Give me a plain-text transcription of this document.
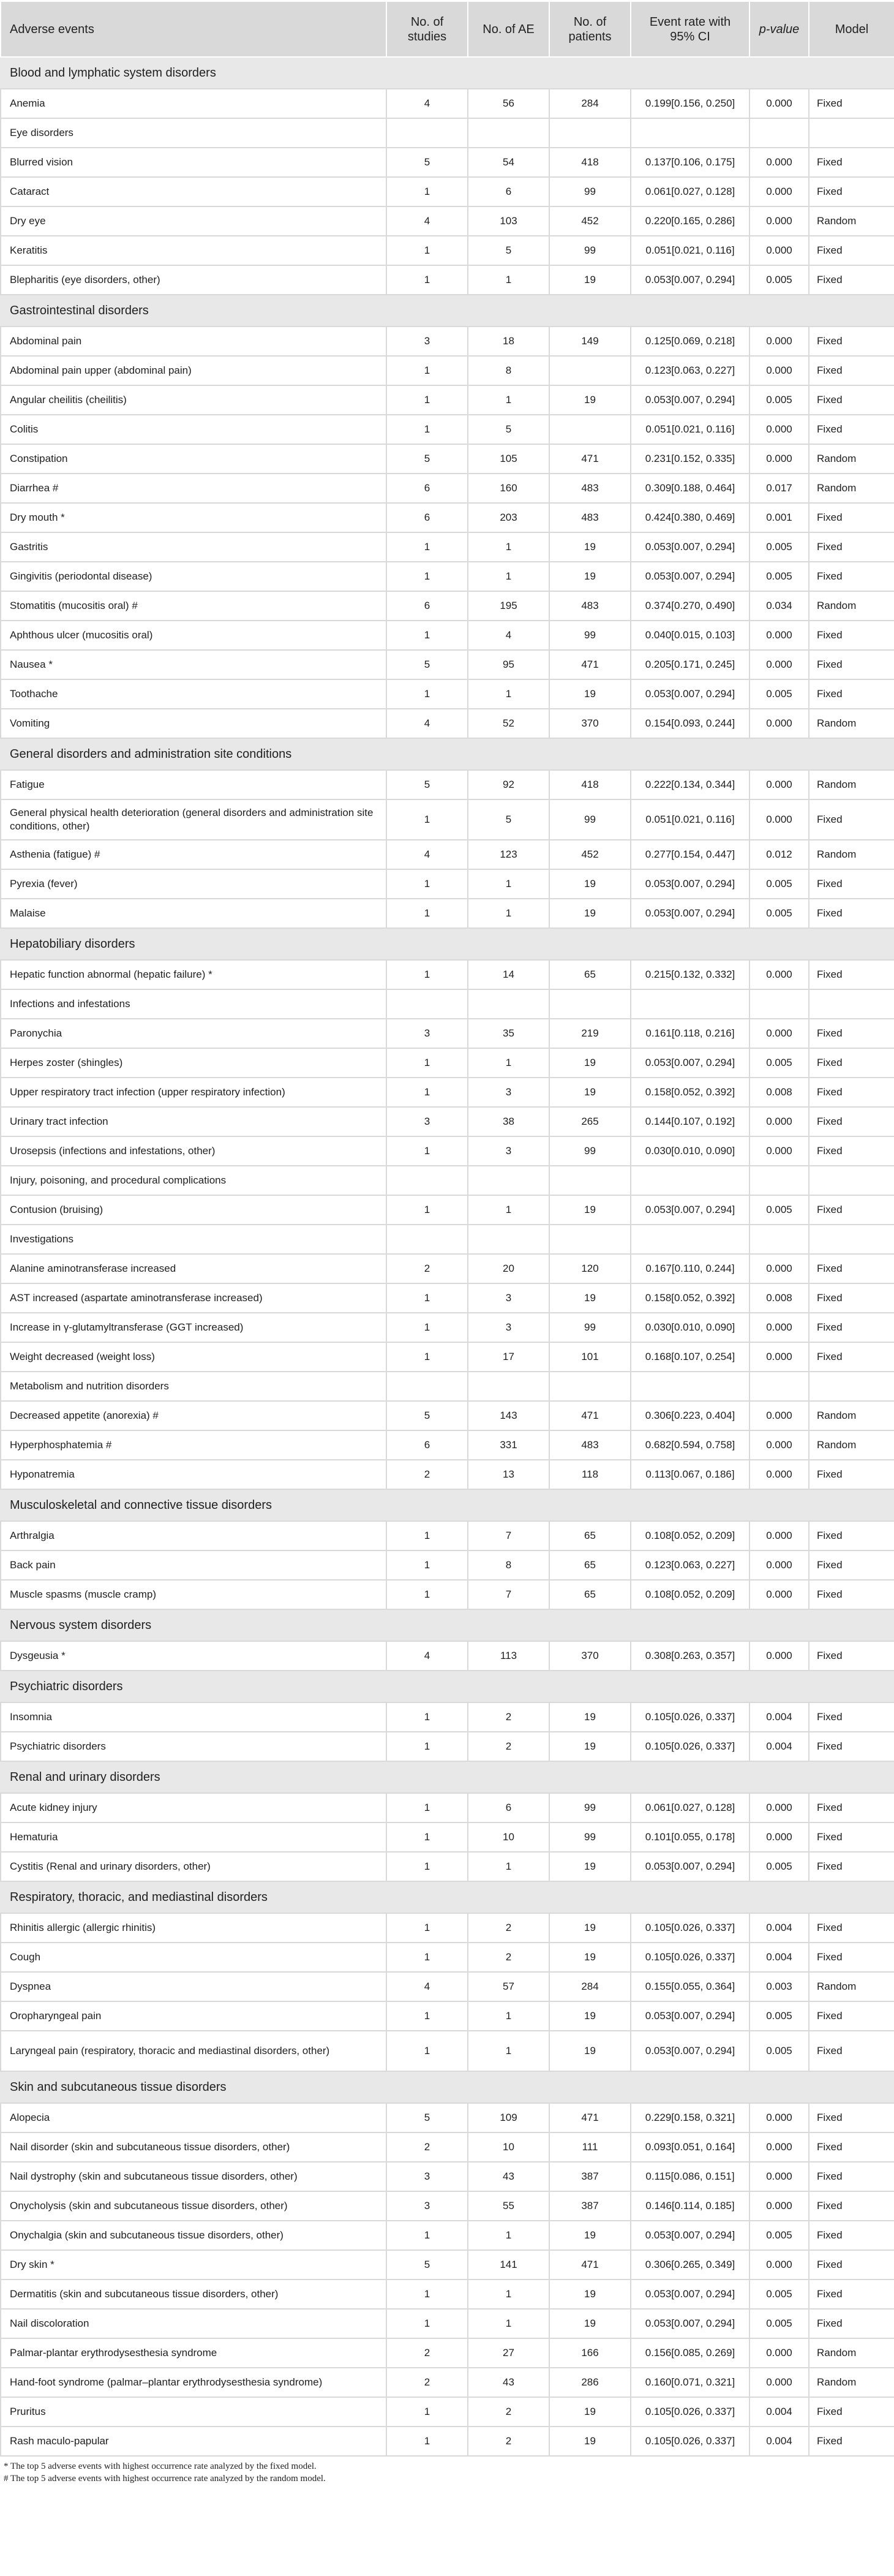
Adverse events	No. of studies	No. of AE	No. of patients	Event rate with 95% CI	p-value	Model
Blood and lymphatic system disorders						
Anemia	4	56	284	0.199[0.156, 0.250]	0.000	Fixed
Eye disorders						
Blurred vision	5	54	418	0.137[0.106, 0.175]	0.000	Fixed
Cataract	1	6	99	0.061[0.027, 0.128]	0.000	Fixed
Dry eye	4	103	452	0.220[0.165, 0.286]	0.000	Random
Keratitis	1	5	99	0.051[0.021, 0.116]	0.000	Fixed
Blepharitis (eye disorders, other)	1	1	19	0.053[0.007, 0.294]	0.005	Fixed
Gastrointestinal disorders						
Abdominal pain	3	18	149	0.125[0.069, 0.218]	0.000	Fixed
Abdominal pain upper (abdominal pain)	1	8		0.123[0.063, 0.227]	0.000	Fixed
Angular cheilitis (cheilitis)	1	1	19	0.053[0.007, 0.294]	0.005	Fixed
Colitis	1	5		0.051[0.021, 0.116]	0.000	Fixed
Constipation	5	105	471	0.231[0.152, 0.335]	0.000	Random
Diarrhea #	6	160	483	0.309[0.188, 0.464]	0.017	Random
Dry mouth *	6	203	483	0.424[0.380, 0.469]	0.001	Fixed
Gastritis	1	1	19	0.053[0.007, 0.294]	0.005	Fixed
Gingivitis (periodontal disease)	1	1	19	0.053[0.007, 0.294]	0.005	Fixed
Stomatitis (mucositis oral) #	6	195	483	0.374[0.270, 0.490]	0.034	Random
Aphthous ulcer (mucositis oral)	1	4	99	0.040[0.015, 0.103]	0.000	Fixed
Nausea *	5	95	471	0.205[0.171, 0.245]	0.000	Fixed
Toothache	1	1	19	0.053[0.007, 0.294]	0.005	Fixed
Vomiting	4	52	370	0.154[0.093, 0.244]	0.000	Random
General disorders and administration site conditions						
Fatigue	5	92	418	0.222[0.134, 0.344]	0.000	Random
General physical health deterioration (general disorders and administration site conditions, other)	1	5	99	0.051[0.021, 0.116]	0.000	Fixed
Asthenia (fatigue) #	4	123	452	0.277[0.154, 0.447]	0.012	Random
Pyrexia (fever)	1	1	19	0.053[0.007, 0.294]	0.005	Fixed
Malaise	1	1	19	0.053[0.007, 0.294]	0.005	Fixed
Hepatobiliary disorders						
Hepatic function abnormal (hepatic failure) *	1	14	65	0.215[0.132, 0.332]	0.000	Fixed
Infections and infestations						
Paronychia	3	35	219	0.161[0.118, 0.216]	0.000	Fixed
Herpes zoster (shingles)	1	1	19	0.053[0.007, 0.294]	0.005	Fixed
Upper respiratory tract infection (upper respiratory infection)	1	3	19	0.158[0.052, 0.392]	0.008	Fixed
Urinary tract infection	3	38	265	0.144[0.107, 0.192]	0.000	Fixed
Urosepsis (infections and infestations, other)	1	3	99	0.030[0.010, 0.090]	0.000	Fixed
Injury, poisoning, and procedural complications						
Contusion (bruising)	1	1	19	0.053[0.007, 0.294]	0.005	Fixed
Investigations						
Alanine aminotransferase increased	2	20	120	0.167[0.110, 0.244]	0.000	Fixed
AST increased (aspartate aminotransferase increased)	1	3	19	0.158[0.052, 0.392]	0.008	Fixed
Increase in γ-glutamyltransferase (GGT increased)	1	3	99	0.030[0.010, 0.090]	0.000	Fixed
Weight decreased (weight loss)	1	17	101	0.168[0.107, 0.254]	0.000	Fixed
Metabolism and nutrition disorders						
Decreased appetite (anorexia) #	5	143	471	0.306[0.223, 0.404]	0.000	Random
Hyperphosphatemia #	6	331	483	0.682[0.594, 0.758]	0.000	Random
Hyponatremia	2	13	118	0.113[0.067, 0.186]	0.000	Fixed
Musculoskeletal and connective tissue disorders						
Arthralgia	1	7	65	0.108[0.052, 0.209]	0.000	Fixed
Back pain	1	8	65	0.123[0.063, 0.227]	0.000	Fixed
Muscle spasms (muscle cramp)	1	7	65	0.108[0.052, 0.209]	0.000	Fixed
Nervous system disorders						
Dysgeusia *	4	113	370	0.308[0.263, 0.357]	0.000	Fixed
Psychiatric disorders						
Insomnia	1	2	19	0.105[0.026, 0.337]	0.004	Fixed
Psychiatric disorders	1	2	19	0.105[0.026, 0.337]	0.004	Fixed
Renal and urinary disorders						
Acute kidney injury	1	6	99	0.061[0.027, 0.128]	0.000	Fixed
Hematuria	1	10	99	0.101[0.055, 0.178]	0.000	Fixed
Cystitis (Renal and urinary disorders, other)	1	1	19	0.053[0.007, 0.294]	0.005	Fixed
Respiratory, thoracic, and mediastinal disorders						
Rhinitis allergic (allergic rhinitis)	1	2	19	0.105[0.026, 0.337]	0.004	Fixed
Cough	1	2	19	0.105[0.026, 0.337]	0.004	Fixed
Dyspnea	4	57	284	0.155[0.055, 0.364]	0.003	Random
Oropharyngeal pain	1	1	19	0.053[0.007, 0.294]	0.005	Fixed
Laryngeal pain (respiratory, thoracic and mediastinal disorders, other)	1	1	19	0.053[0.007, 0.294]	0.005	Fixed
Skin and subcutaneous tissue disorders						
Alopecia	5	109	471	0.229[0.158, 0.321]	0.000	Fixed
Nail disorder (skin and subcutaneous tissue disorders, other)	2	10	111	0.093[0.051, 0.164]	0.000	Fixed
Nail dystrophy (skin and subcutaneous tissue disorders, other)	3	43	387	0.115[0.086, 0.151]	0.000	Fixed
Onycholysis (skin and subcutaneous tissue disorders, other)	3	55	387	0.146[0.114, 0.185]	0.000	Fixed
Onychalgia (skin and subcutaneous tissue disorders, other)	1	1	19	0.053[0.007, 0.294]	0.005	Fixed
Dry skin *	5	141	471	0.306[0.265, 0.349]	0.000	Fixed
Dermatitis (skin and subcutaneous tissue disorders, other)	1	1	19	0.053[0.007, 0.294]	0.005	Fixed
Nail discoloration	1	1	19	0.053[0.007, 0.294]	0.005	Fixed
Palmar-plantar erythrodysesthesia syndrome	2	27	166	0.156[0.085, 0.269]	0.000	Random
Hand-foot syndrome (palmar–plantar erythrodysesthesia syndrome)	2	43	286	0.160[0.071, 0.321]	0.000	Random
Pruritus	1	2	19	0.105[0.026, 0.337]	0.004	Fixed
Rash maculo-papular	1	2	19	0.105[0.026, 0.337]	0.004	Fixed
* The top 5 adverse events with highest occurrence rate analyzed by the fixed model.
# The top 5 adverse events with highest occurrence rate analyzed by the random model.
